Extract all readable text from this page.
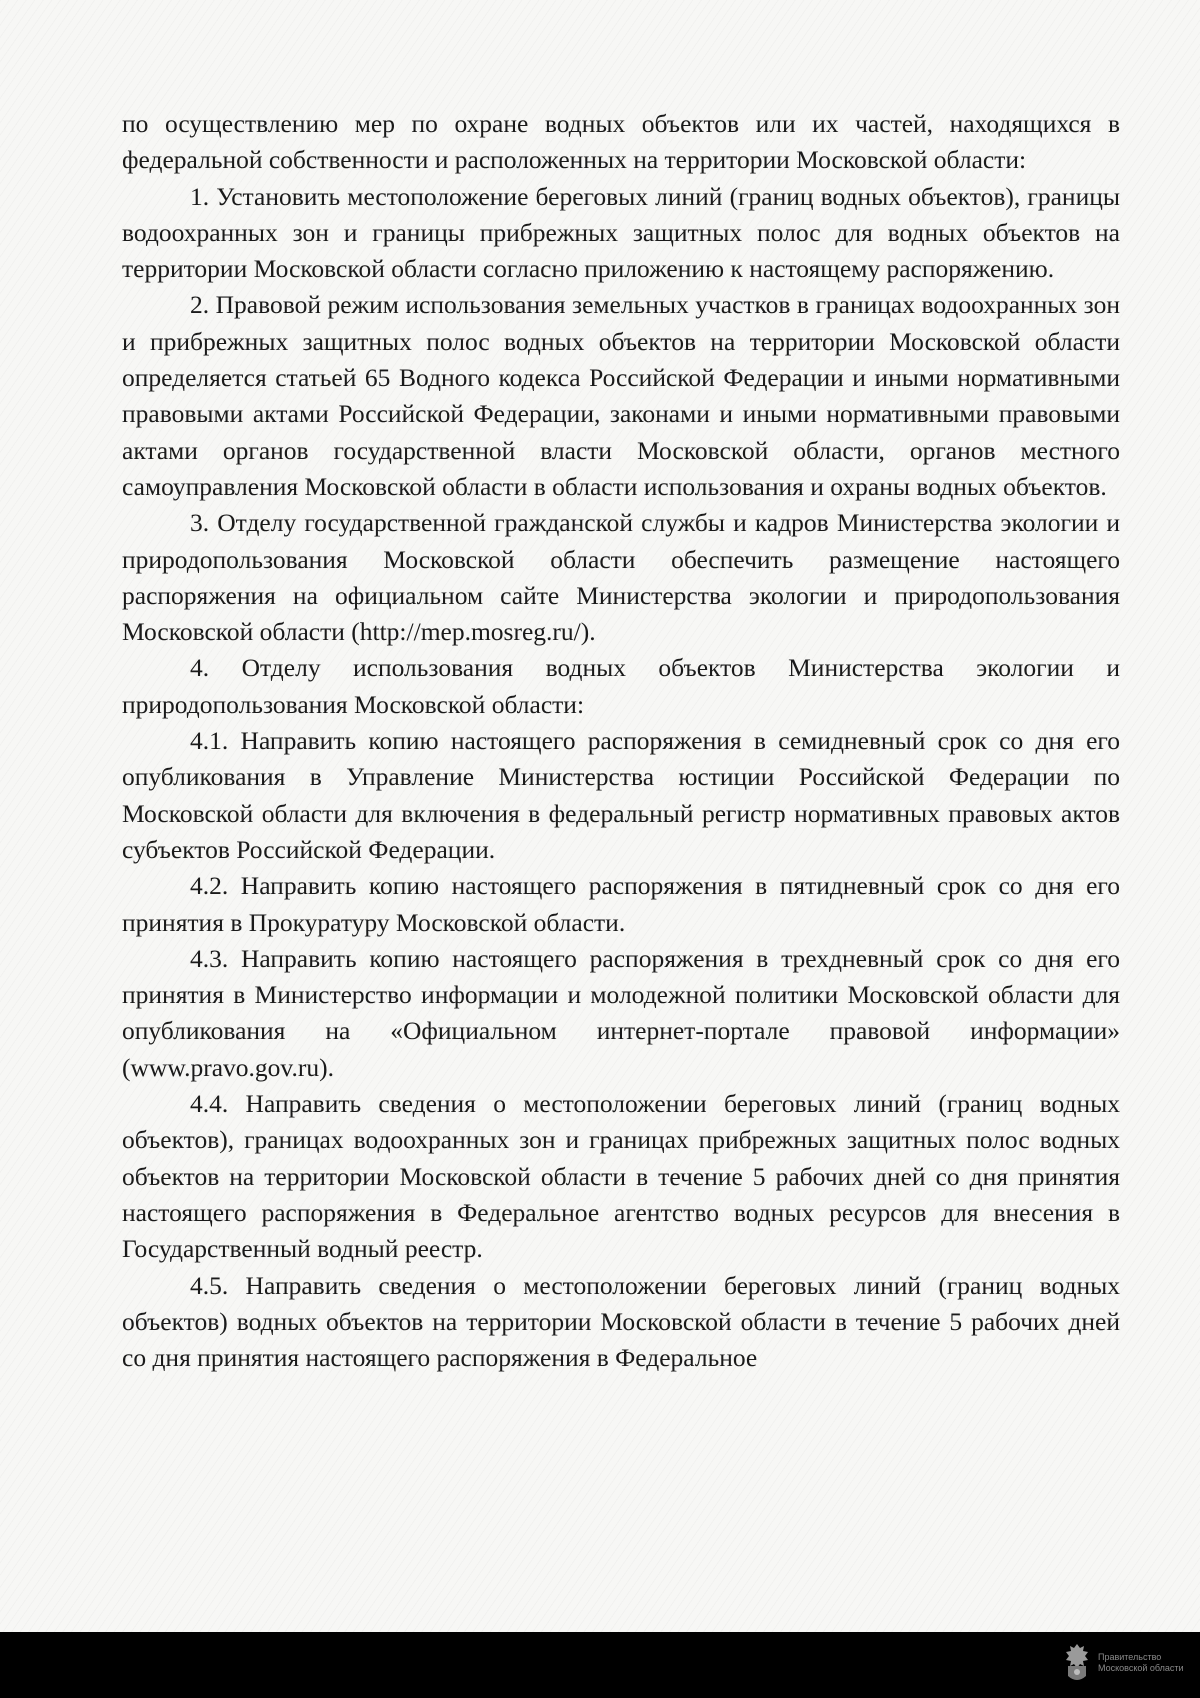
по осуществлению мер по охране водных объектов или их частей, находящихся в федеральной собственности и расположенных на территории Московской области:

1. Установить местоположение береговых линий (границ водных объектов), границы водоохранных зон и границы прибрежных защитных полос для водных объектов на территории Московской области согласно приложению к настоящему распоряжению.

2. Правовой режим использования земельных участков в границах водоохранных зон и прибрежных защитных полос водных объектов на территории Московской области определяется статьей 65 Водного кодекса Российской Федерации и иными нормативными правовыми актами Российской Федерации, законами и иными нормативными правовыми актами органов государственной власти Московской области, органов местного самоуправления Московской области в области использования и охраны водных объектов.

3. Отделу государственной гражданской службы и кадров Министерства экологии и природопользования Московской области обеспечить размещение настоящего распоряжения на официальном сайте Министерства экологии и природопользования Московской области (http://mep.mosreg.ru/).

4. Отделу использования водных объектов Министерства экологии и природопользования Московской области:

4.1. Направить копию настоящего распоряжения в семидневный срок со дня его опубликования в Управление Министерства юстиции Российской Федерации по Московской области для включения в федеральный регистр нормативных правовых актов субъектов Российской Федерации.

4.2. Направить копию настоящего распоряжения в пятидневный срок со дня его принятия в Прокуратуру Московской области.

4.3. Направить копию настоящего распоряжения в трехдневный срок со дня его принятия в Министерство информации и молодежной политики Московской области для опубликования на «Официальном интернет-портале правовой информации» (www.pravo.gov.ru).

4.4. Направить сведения о местоположении береговых линий (границ водных объектов), границах водоохранных зон и границах прибрежных защитных полос водных объектов на территории Московской области в течение 5 рабочих дней со дня принятия настоящего распоряжения в Федеральное агентство водных ресурсов для внесения в Государственный водный реестр.

4.5. Направить сведения о местоположении береговых линий (границ водных объектов) водных объектов на территории Московской области в течение 5 рабочих дней со дня принятия настоящего распоряжения в Федеральное

Правительство
Московской области
